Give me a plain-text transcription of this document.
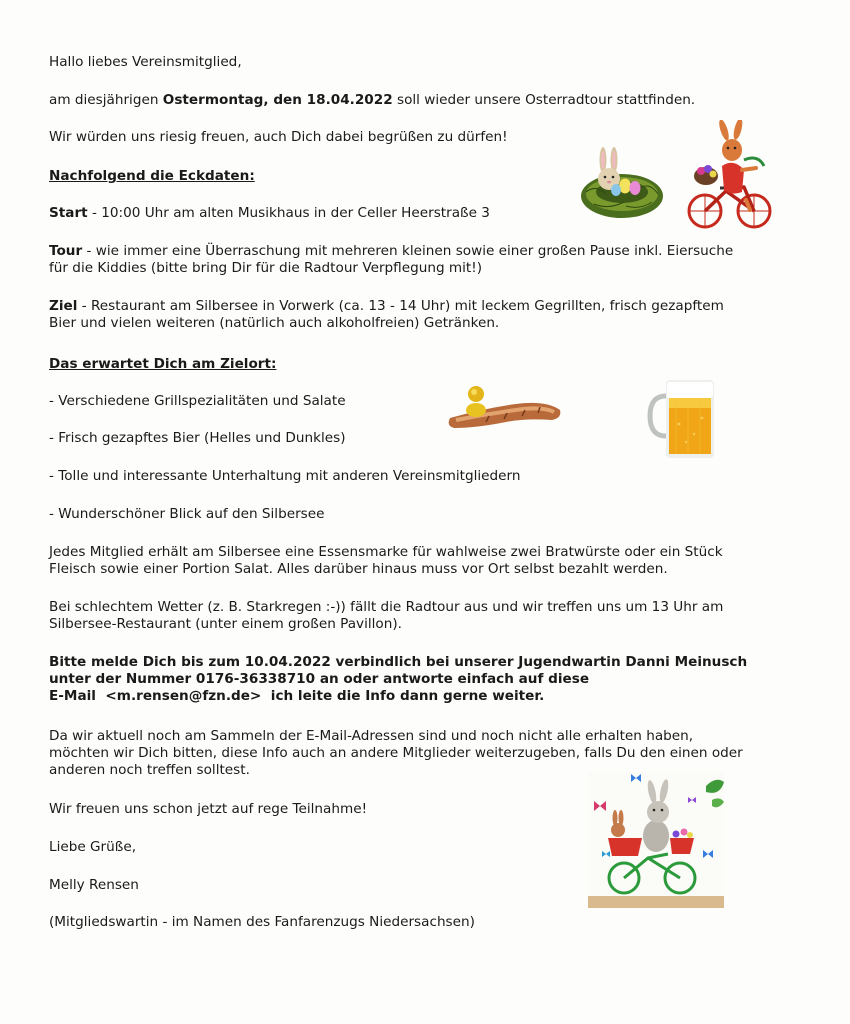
Hallo liebes Vereinsmitglied,
am diesjährigen Ostermontag, den 18.04.2022 soll wieder unsere Osterradtour stattfinden.
Wir würden uns riesig freuen, auch Dich dabei begrüßen zu dürfen!
Nachfolgend die Eckdaten:
Start - 10:00 Uhr am alten Musikhaus in der Celler Heerstraße 3
Tour - wie immer eine Überraschung mit mehreren kleinen sowie einer großen Pause inkl. Eiersuche
für die Kiddies (bitte bring Dir für die Radtour Verpflegung mit!)
Ziel - Restaurant am Silbersee in Vorwerk (ca. 13 - 14 Uhr) mit leckem Gegrillten, frisch gezapftem
Bier und vielen weiteren (natürlich auch alkoholfreien) Getränken.
Das erwartet Dich am Zielort:
- Verschiedene Grillspezialitäten und Salate
- Frisch gezapftes Bier (Helles und Dunkles)
- Tolle und interessante Unterhaltung mit anderen Vereinsmitgliedern
- Wunderschöner Blick auf den Silbersee
Jedes Mitglied erhält am Silbersee eine Essensmarke für wahlweise zwei Bratwürste oder ein Stück
Fleisch sowie einer Portion Salat. Alles darüber hinaus muss vor Ort selbst bezahlt werden.
Bei schlechtem Wetter (z. B. Starkregen :-)) fällt die Radtour aus und wir treffen uns um 13 Uhr am
Silbersee-Restaurant (unter einem großen Pavillon).
Bitte melde Dich bis zum 10.04.2022 verbindlich bei unserer Jugendwartin Danni Meinusch
unter der Nummer 0176-36338710 an oder antworte einfach auf diese
E-Mail  <m.rensen@fzn.de>  ich leite die Info dann gerne weiter.
Da wir aktuell noch am Sammeln der E-Mail-Adressen sind und noch nicht alle erhalten haben,
möchten wir Dich bitten, diese Info auch an andere Mitglieder weiterzugeben, falls Du den einen oder
anderen noch treffen solltest.
Wir freuen uns schon jetzt auf rege Teilnahme!
Liebe Grüße,
Melly Rensen
(Mitgliedswartin - im Namen des Fanfarenzugs Niedersachsen)
